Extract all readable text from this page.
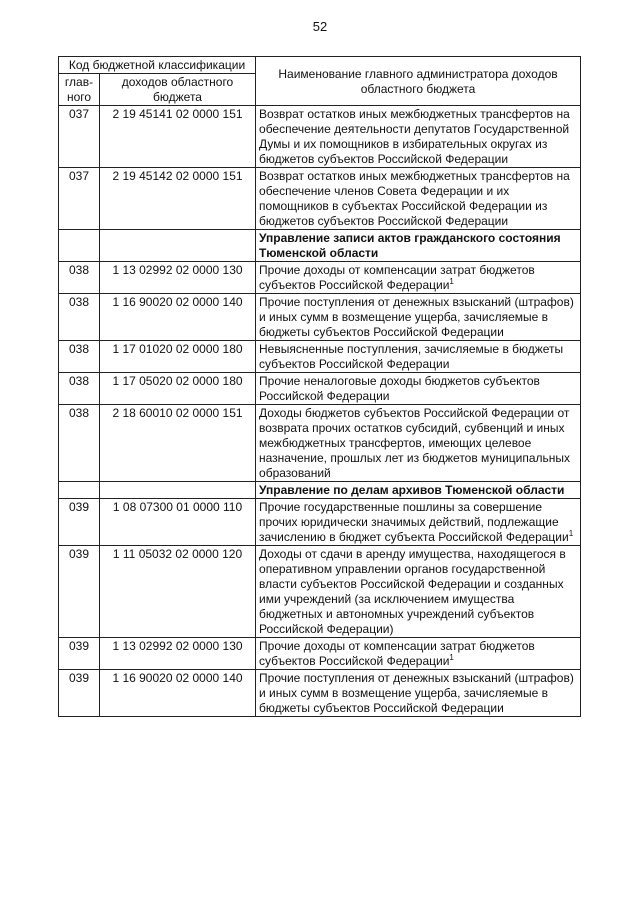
52
Код бюджетной классификации		Наименование главного администратора доходов областного бюджета
глав-ного	доходов областного бюджета	
037	2 19 45141 02 0000 151	Возврат остатков иных межбюджетных трансфертов на обеспечение деятельности депутатов Государственной Думы и их помощников в избирательных округах из бюджетов субъектов Российской Федерации
037	2 19 45142 02 0000 151	Возврат остатков иных межбюджетных трансфертов на обеспечение членов Совета Федерации и их помощников в субъектах Российской Федерации из бюджетов субъектов Российской Федерации
		Управление записи актов гражданского состояния Тюменской области
038	1 13 02992 02 0000 130	Прочие доходы от компенсации затрат бюджетов субъектов Российской Федерации$^1$
038	1 16 90020 02 0000 140	Прочие поступления от денежных взысканий (штрафов) и иных сумм в возмещение ущерба, зачисляемые в бюджеты субъектов Российской Федерации
038	1 17 01020 02 0000 180	Невыясненные поступления, зачисляемые в бюджеты субъектов Российской Федерации
038	1 17 05020 02 0000 180	Прочие неналоговые доходы бюджетов субъектов Российской Федерации
038	2 18 60010 02 0000 151	Доходы бюджетов субъектов Российской Федерации от возврата прочих остатков субсидий, субвенций и иных межбюджетных трансфертов, имеющих целевое назначение, прошлых лет из бюджетов муниципальных образований
		Управление по делам архивов Тюменской области
039	1 08 07300 01 0000 110	Прочие государственные пошлины за совершение прочих юридически значимых действий, подлежащие зачислению в бюджет субъекта Российской Федерации$^1$
039	1 11 05032 02 0000 120	Доходы от сдачи в аренду имущества, находящегося в оперативном управлении органов государственной власти субъектов Российской Федерации и созданных ими учреждений (за исключением имущества бюджетных и автономных учреждений субъектов Российской Федерации)
039	1 13 02992 02 0000 130	Прочие доходы от компенсации затрат бюджетов субъектов Российской Федерации$^1$
039	1 16 90020 02 0000 140	Прочие поступления от денежных взысканий (штрафов) и иных сумм в возмещение ущерба, зачисляемые в бюджеты субъектов Российской Федерации
